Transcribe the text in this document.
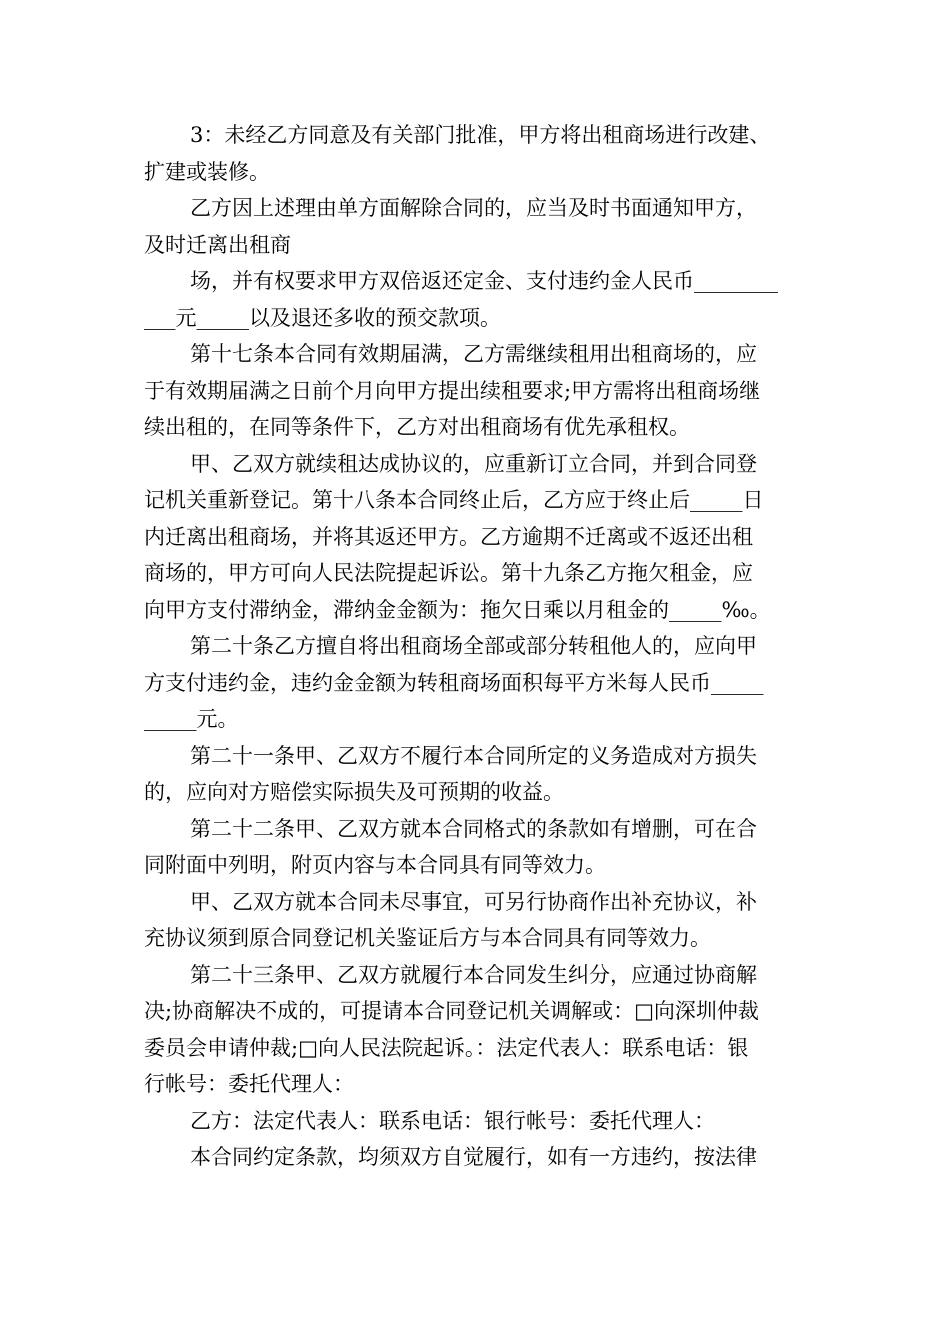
3：未经乙方同意及有关部门批准，甲方将出租商场进行改建、
扩建或装修。
乙方因上述理由单方面解除合同的，应当及时书面通知甲方，
及时迁离出租商
场，并有权要求甲方双倍返还定金、支付违约金人民币________
___元_____以及退还多收的预交款项。
第十七条本合同有效期届满，乙方需继续租用出租商场的，应
于有效期届满之日前个月向甲方提出续租要求;甲方需将出租商场继
续出租的，在同等条件下，乙方对出租商场有优先承租权。
甲、乙双方就续租达成协议的，应重新订立合同，并到合同登
记机关重新登记。第十八条本合同终止后，乙方应于终止后_____日
内迁离出租商场，并将其返还甲方。乙方逾期不迁离或不返还出租
商场的，甲方可向人民法院提起诉讼。第十九条乙方拖欠租金，应
向甲方支付滞纳金，滞纳金金额为：拖欠日乘以月租金的_____‰。
第二十条乙方擅自将出租商场全部或部分转租他人的，应向甲
方支付违约金，违约金金额为转租商场面积每平方米每人民币_____
_____元。
第二十一条甲、乙双方不履行本合同所定的义务造成对方损失
的，应向对方赔偿实际损失及可预期的收益。
第二十二条甲、乙双方就本合同格式的条款如有增删，可在合
同附面中列明，附页内容与本合同具有同等效力。
甲、乙双方就本合同未尽事宜，可另行协商作出补充协议，补
充协议须到原合同登记机关鉴证后方与本合同具有同等效力。
第二十三条甲、乙双方就履行本合同发生纠分，应通过协商解
决;协商解决不成的，可提请本合同登记机关调解或：□向深圳仲裁
委员会申请仲裁;□向人民法院起诉。：法定代表人：联系电话：银
行帐号：委托代理人：
乙方：法定代表人：联系电话：银行帐号：委托代理人：
本合同约定条款，均须双方自觉履行，如有一方违约，按法律
